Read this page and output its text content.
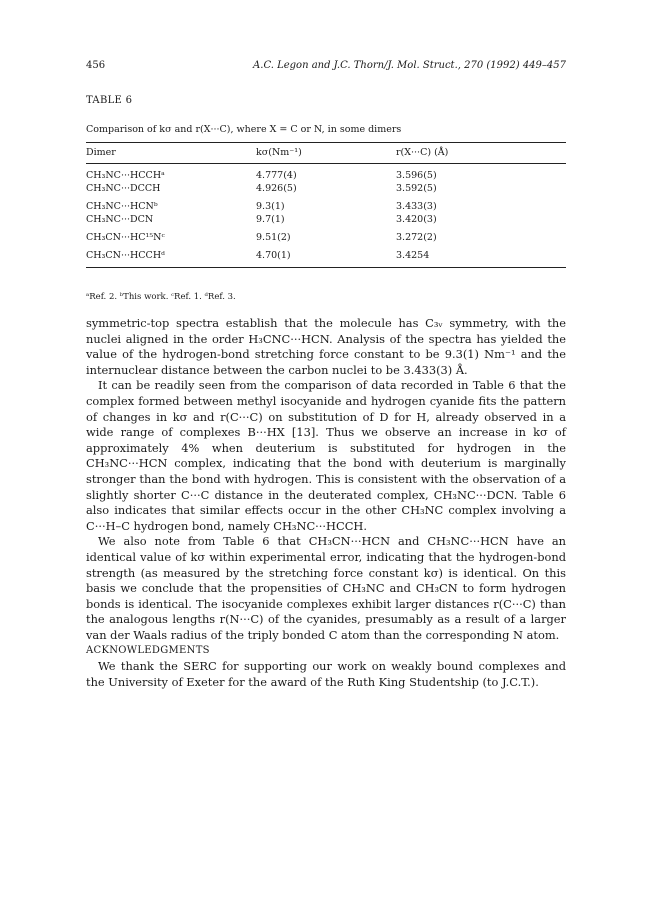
456	A.C. Legon and J.C. Thorn/J. Mol. Struct., 270 (1992) 449–457
TABLE 6
Comparison of kσ and r(X···C), where X = C or N, in some dimers
Dimer	kσ(Nm⁻¹)	r(X···C) (Å)
CH₃NC···HCCHᵃ	4.777(4)	3.596(5)
CH₃NC···DCCH	4.926(5)	3.592(5)
CH₃NC···HCNᵇ	9.3(1)	3.433(3)
CH₃NC···DCN	9.7(1)	3.420(3)
CH₃CN···HC¹⁵Nᶜ	9.51(2)	3.272(2)
CH₃CN···HCCHᵈ	4.70(1)	3.4254
ᵃRef. 2. ᵇThis work. ᶜRef. 1. ᵈRef. 3.

symmetric-top spectra establish that the molecule has C₃ᵥ symmetry, with the nuclei aligned in the order H₃CNC···HCN. Analysis of the spectra has yielded the value of the hydrogen-bond stretching force constant to be 9.3(1) Nm⁻¹ and the internuclear distance between the carbon nuclei to be 3.433(3) Å.

It can be readily seen from the comparison of data recorded in Table 6 that the complex formed between methyl isocyanide and hydrogen cyanide fits the pattern of changes in kσ and r(C···C) on substitution of D for H, already observed in a wide range of complexes B···HX [13]. Thus we observe an increase in kσ of approximately 4% when deuterium is substituted for hydrogen in the CH₃NC···HCN complex, indicating that the bond with deuterium is marginally stronger than the bond with hydrogen. This is consistent with the observation of a slightly shorter C···C distance in the deuterated complex, CH₃NC···DCN. Table 6 also indicates that similar effects occur in the other CH₃NC complex involving a C···H–C hydrogen bond, namely CH₃NC···HCCH.

We also note from Table 6 that CH₃CN···HCN and CH₃NC···HCN have an identical value of kσ within experimental error, indicating that the hydrogen-bond strength (as measured by the stretching force constant kσ) is identical. On this basis we conclude that the propensities of CH₃NC and CH₃CN to form hydrogen bonds is identical. The isocyanide complexes exhibit larger distances r(C···C) than the analogous lengths r(N···C) of the cyanides, presumably as a result of a larger van der Waals radius of the triply bonded C atom than the corresponding N atom.

ACKNOWLEDGMENTS

We thank the SERC for supporting our work on weakly bound complexes and the University of Exeter for the award of the Ruth King Studentship (to J.C.T.).
